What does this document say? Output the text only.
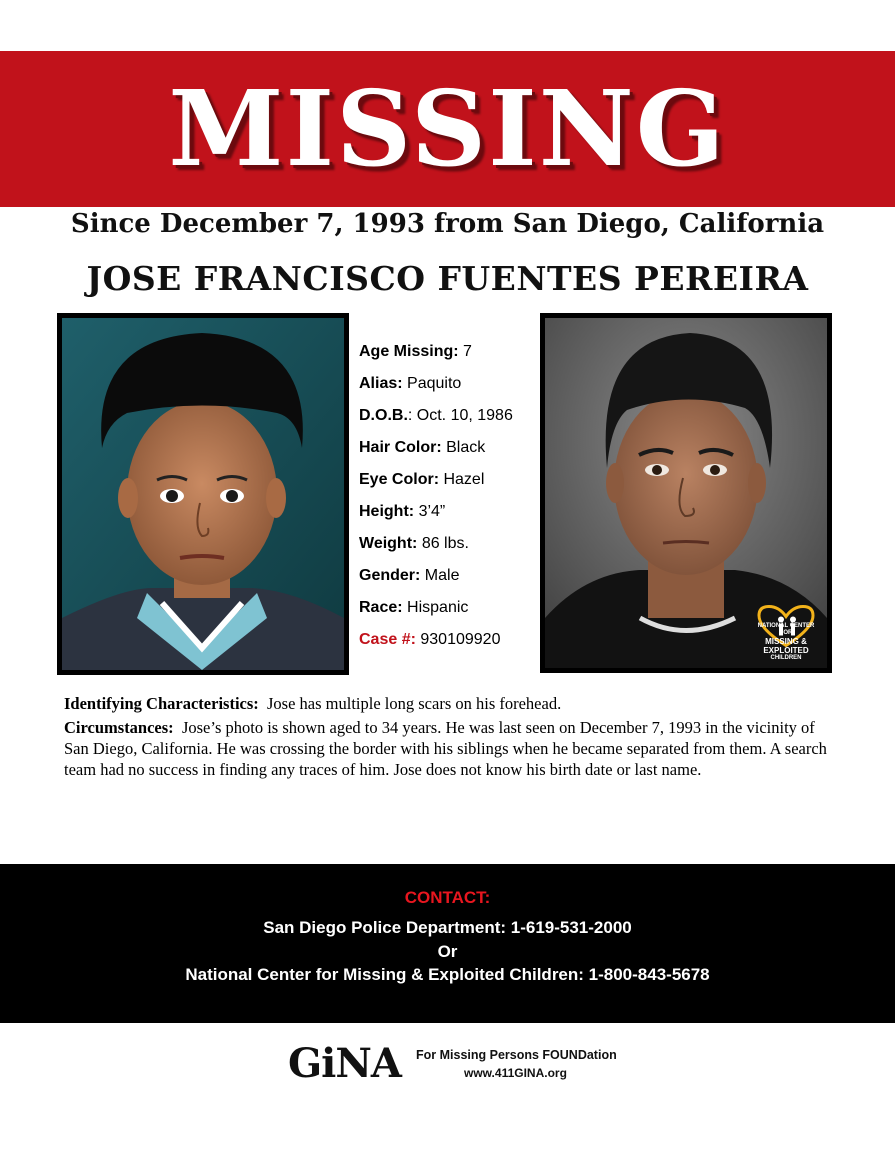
MISSING
Since December 7, 1993 from San Diego, California
JOSE FRANCISCO FUENTES PEREIRA
Age Missing: 7
Alias: Paquito
D.O.B.: Oct. 10, 1986
Hair Color: Black
Eye Color: Hazel
Height: 3’4”
Weight: 86 lbs.
Gender: Male
Race: Hispanic
Case #: 930109920
NATIONAL CENTER FOR
MISSING &
EXPLOITED
CHILDREN

Identifying Characteristics: Jose has multiple long scars on his forehead.

Circumstances: Jose’s photo is shown aged to 34 years. He was last seen on December 7, 1993 in the vicinity of San Diego, California. He was crossing the border with his siblings when he became separated from them. A search team had no success in finding any traces of him. Jose does not know his birth date or last name.

CONTACT:
San Diego Police Department: 1-619-531-2000
Or
National Center for Missing & Exploited Children: 1-800-843-5678
GiNA For Missing Persons FOUNDation
www.411GINA.org
